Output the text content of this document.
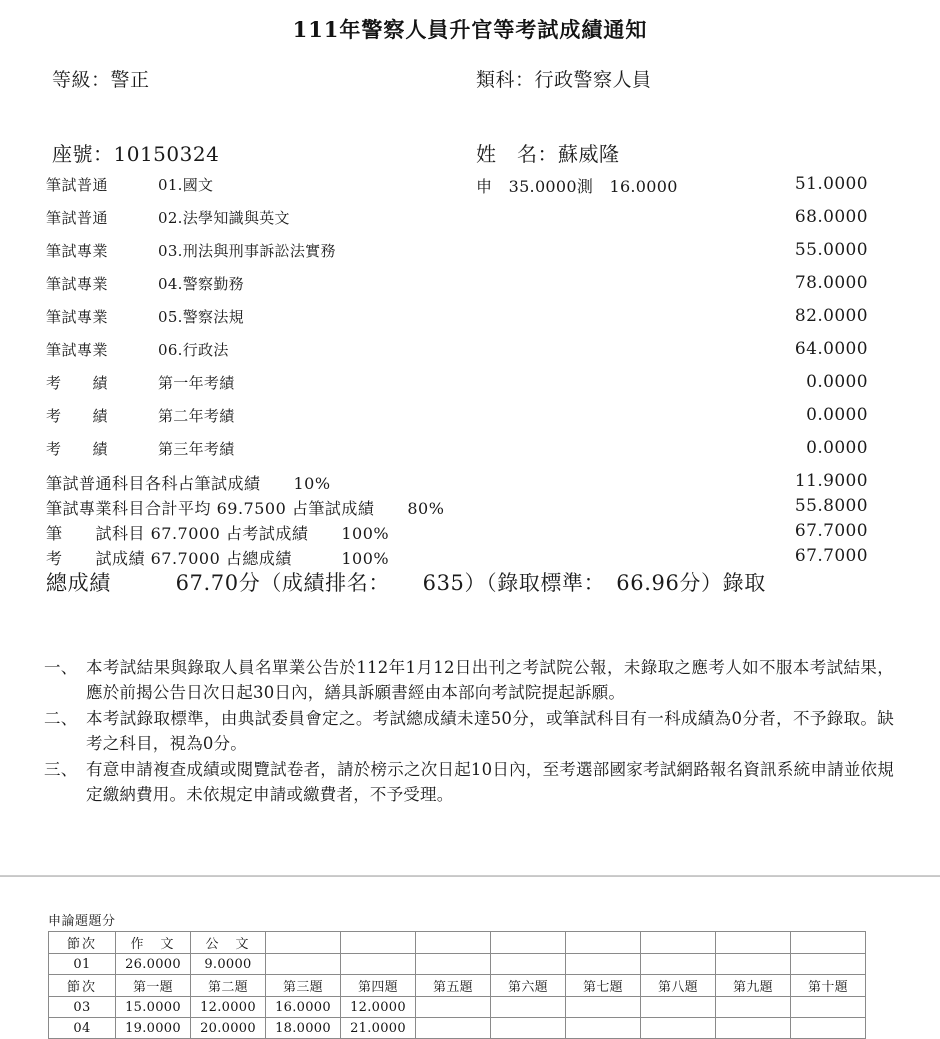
111年警察人員升官等考試成績通知
等級：警正	類科：行政警察人員
座號：10150324	姓　名：蘇威隆
筆試普通	01.國文	申　35.0000測　16.0000	51.0000
筆試普通	02.法學知識與英文	68.0000
筆試專業	03.刑法與刑事訴訟法實務	55.0000
筆試專業	04.警察勤務	78.0000
筆試專業	05.警察法規	82.0000
筆試專業	06.行政法	64.0000
考　　績	第一年考績	0.0000
考　　績	第二年考績	0.0000
考　　績	第三年考績	0.0000
筆試普通科目各科占筆試成績　　10%	11.9000
筆試專業科目合計平均 69.7500 占筆試成績　　80%	55.8000
筆　　試科目 67.7000 占考試成績　　100%	67.7000
考　　試成績 67.7000 占總成績　　　100%	67.7000
總成績　　　67.70分（成績排名：　　635）（錄取標準：　66.96分）錄取
一、 本考試結果與錄取人員名單業公告於112年1月12日出刊之考試院公報，未錄取之應考人如不服本考試結果，應於前揭公告日次日起30日內，繕具訴願書經由本部向考試院提起訴願。
二、 本考試錄取標準，由典試委員會定之。考試總成績未達50分，或筆試科目有一科成績為0分者，不予錄取。缺考之科目，視為0分。
三、 有意申請複查成績或閱覽試卷者，請於榜示之次日起10日內，至考選部國家考試網路報名資訊系統申請並依規定繳納費用。未依規定申請或繳費者，不予受理。
申論題題分
節次	作　文	公　文								
01	26.0000	9.0000								
節次	第一題	第二題	第三題	第四題	第五題	第六題	第七題	第八題	第九題	第十題
03	15.0000	12.0000	16.0000	12.0000						
04	19.0000	20.0000	18.0000	21.0000						
